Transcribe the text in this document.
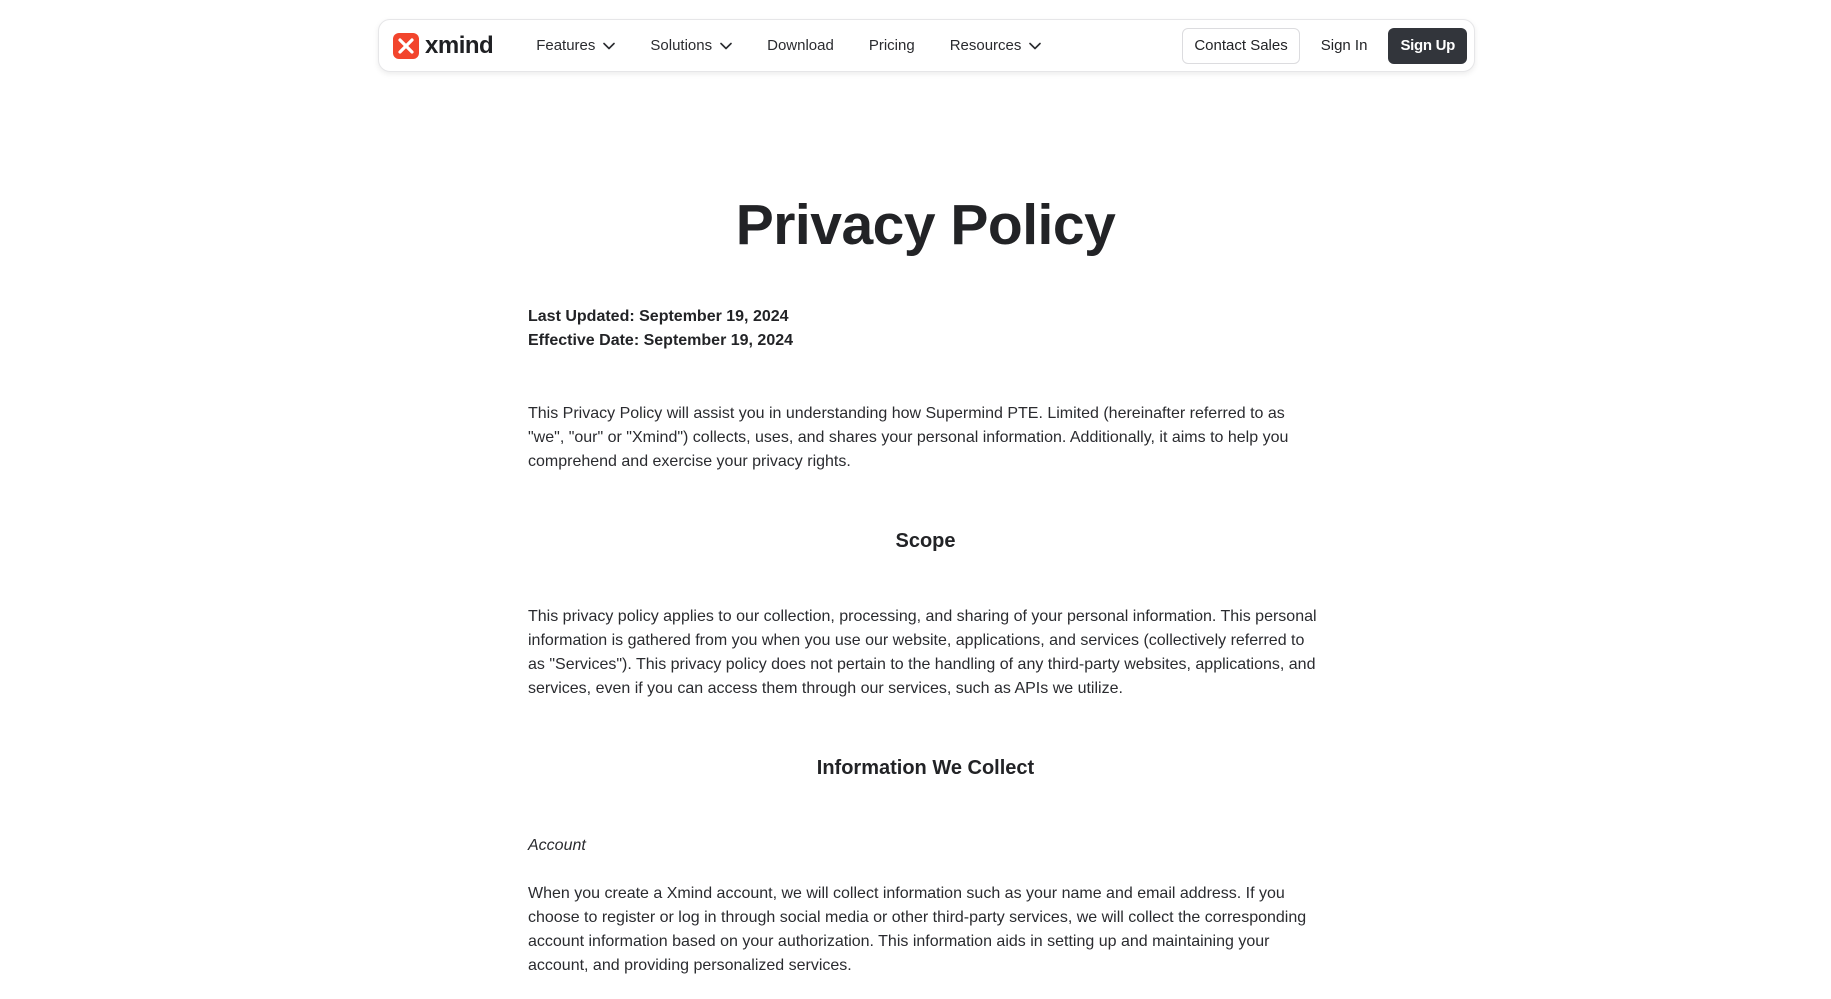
xmind	Features	Solutions	Download Pricing Resources	Contact Sales	Sign In	Sign Up
Privacy Policy
Last Updated: September 19, 2024
Effective Date: September 19, 2024

This Privacy Policy will assist you in understanding how Supermind PTE. Limited (hereinafter referred to as "we", "our" or "Xmind") collects, uses, and shares your personal information. Additionally, it aims to help you comprehend and exercise your privacy rights.

Scope

This privacy policy applies to our collection, processing, and sharing of your personal information. This personal information is gathered from you when you use our website, applications, and services (collectively referred to as "Services"). This privacy policy does not pertain to the handling of any third-party websites, applications, and services, even if you can access them through our services, such as APIs we utilize.

Information We Collect
Account

When you create a Xmind account, we will collect information such as your name and email address. If you choose to register or log in through social media or other third-party services, we will collect the corresponding account information based on your authorization. This information aids in setting up and maintaining your account, and providing personalized services.
